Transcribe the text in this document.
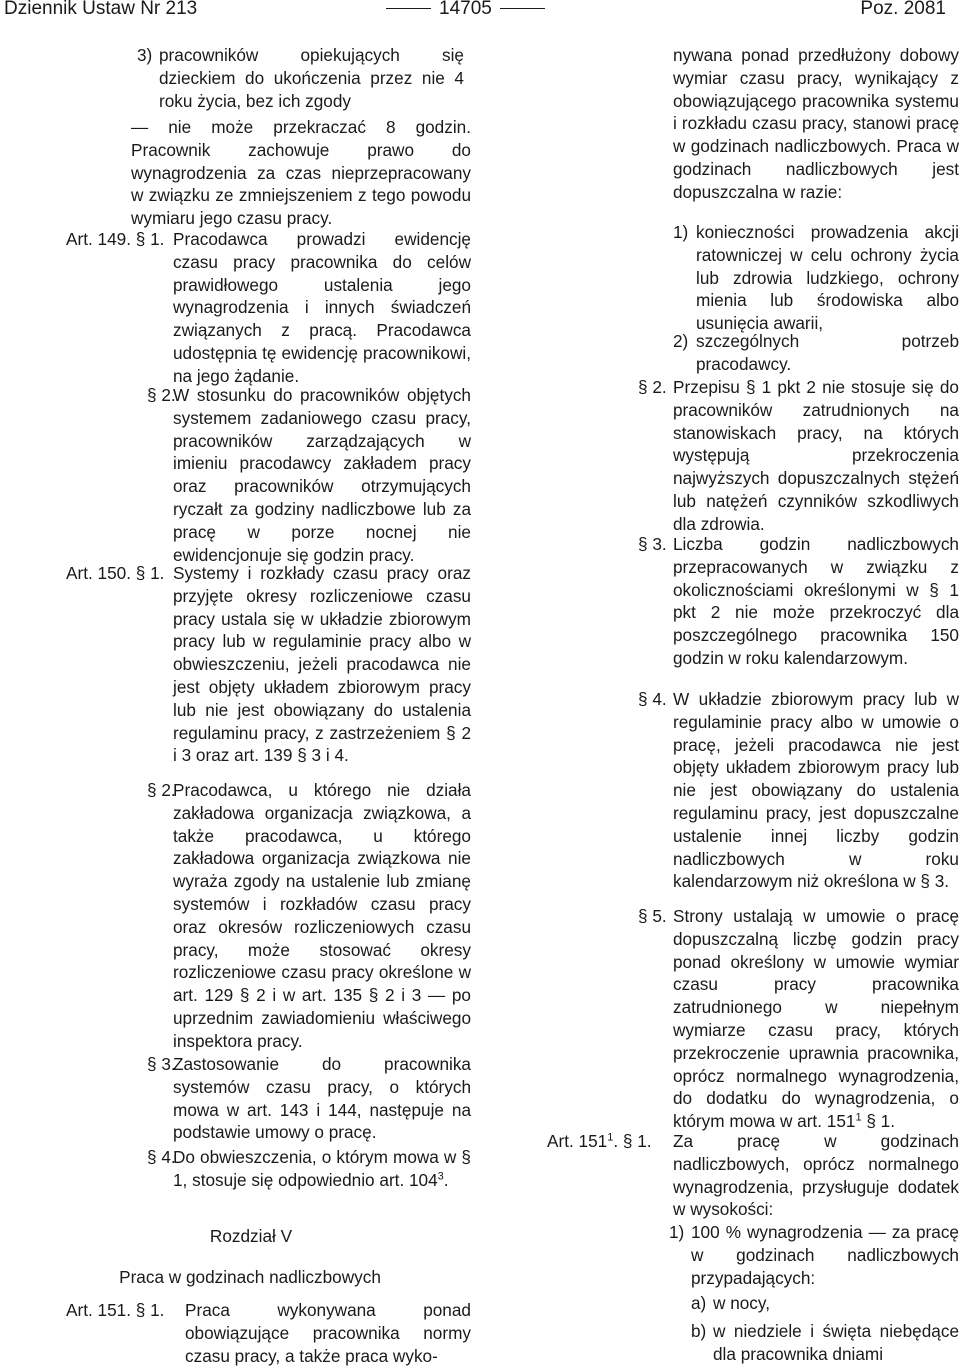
Dziennik Ustaw Nr 213	14705	Poz. 2081
3) pracowników opiekujących się dzieckiem do ukończenia przez nie 4 roku życia, bez ich zgody
— nie może przekraczać 8 godzin. Pracownik zachowuje prawo do wynagrodzenia za czas nieprzepracowany w związku ze zmniejszeniem z tego powodu wymiaru jego czasu pracy.
Art. 149. § 1. Pracodawca prowadzi ewidencję czasu pracy pracownika do celów prawidłowego ustalenia jego wynagrodzenia i innych świadczeń związanych z pracą. Pracodawca udostępnia tę ewidencję pracownikowi, na jego żądanie.
§ 2.
W stosunku do pracowników objętych systemem zadaniowego czasu pracy, pracowników zarządzających w imieniu pracodawcy zakładem pracy oraz pracowników otrzymujących ryczałt za godziny nadliczbowe lub za pracę w porze nocnej nie ewidencjonuje się godzin pracy.
Art. 150. § 1. Systemy i rozkłady czasu pracy oraz przyjęte okresy rozliczeniowe czasu pracy ustala się w układzie zbiorowym pracy lub w regulaminie pracy albo w obwieszczeniu, jeżeli pracodawca nie jest objęty układem zbiorowym pracy lub nie jest obowiązany do ustalenia regulaminu pracy, z zastrzeżeniem § 2 i 3 oraz art. 139 § 3 i 4.
§ 2.
Pracodawca, u którego nie działa zakładowa organizacja związkowa, a także pracodawca, u którego zakładowa organizacja związkowa nie wyraża zgody na ustalenie lub zmianę systemów i rozkładów czasu pracy oraz okresów rozliczeniowych czasu pracy, może stosować okresy rozliczeniowe czasu pracy określone w art. 129 § 2 i w art. 135 § 2 i 3 — po uprzednim zawiadomieniu właściwego inspektora pracy.
§ 3.
Zastosowanie do pracownika systemów czasu pracy, o których mowa w art. 143 i 144, następuje na podstawie umowy o pracę.
§ 4.
Do obwieszczenia, o którym mowa w § 1, stosuje się odpowiednio art. $104^3$.
Rozdział V
Praca w godzinach nadliczbowych
Art. 151. § 1. Praca wykonywana ponad obowiązujące pracownika normy czasu pracy, a także praca wyko-
nywana ponad przedłużony dobowy wymiar czasu pracy, wynikający z obowiązującego pracownika systemu i rozkładu czasu pracy, stanowi pracę w godzinach nadliczbowych. Praca w godzinach nadliczbowych jest dopuszczalna w razie:
1) konieczności prowadzenia akcji ratowniczej w celu ochrony życia lub zdrowia ludzkiego, ochrony mienia lub środowiska albo usunięcia awarii,
2) szczególnych potrzeb pracodawcy.
§ 2. Przepisu § 1 pkt 2 nie stosuje się do pracowników zatrudnionych na stanowiskach pracy, na których występują przekroczenia najwyższych dopuszczalnych stężeń lub natężeń czynników szkodliwych dla zdrowia.
§ 3. Liczba godzin nadliczbowych przepracowanych w związku z okolicznościami określonymi w § 1 pkt 2 nie może przekroczyć dla poszczególnego pracownika 150 godzin w roku kalendarzowym.
§ 4. W układzie zbiorowym pracy lub w regulaminie pracy albo w umowie o pracę, jeżeli pracodawca nie jest objęty układem zbiorowym pracy lub nie jest obowiązany do ustalenia regulaminu pracy, jest dopuszczalne ustalenie innej liczby godzin nadliczbowych w roku kalendarzowym niż określona w § 3.
§ 5. Strony ustalają w umowie o pracę dopuszczalną liczbę godzin pracy ponad określony w umowie wymiar czasu pracy pracownika zatrudnionego w niepełnym wymiarze czasu pracy, których przekroczenie uprawnia pracownika, oprócz normalnego wynagrodzenia, do dodatku do wynagrodzenia, o którym mowa w art. $151^1$ § 1.
Art. $151^1$. § 1. Za pracę w godzinach nadliczbowych, oprócz normalnego wynagrodzenia, przysługuje dodatek w wysokości:
1) 100 % wynagrodzenia — za pracę w godzinach nadliczbowych przypadających:
a) w nocy,
b) w niedziele i święta niebędące dla pracownika dniami
